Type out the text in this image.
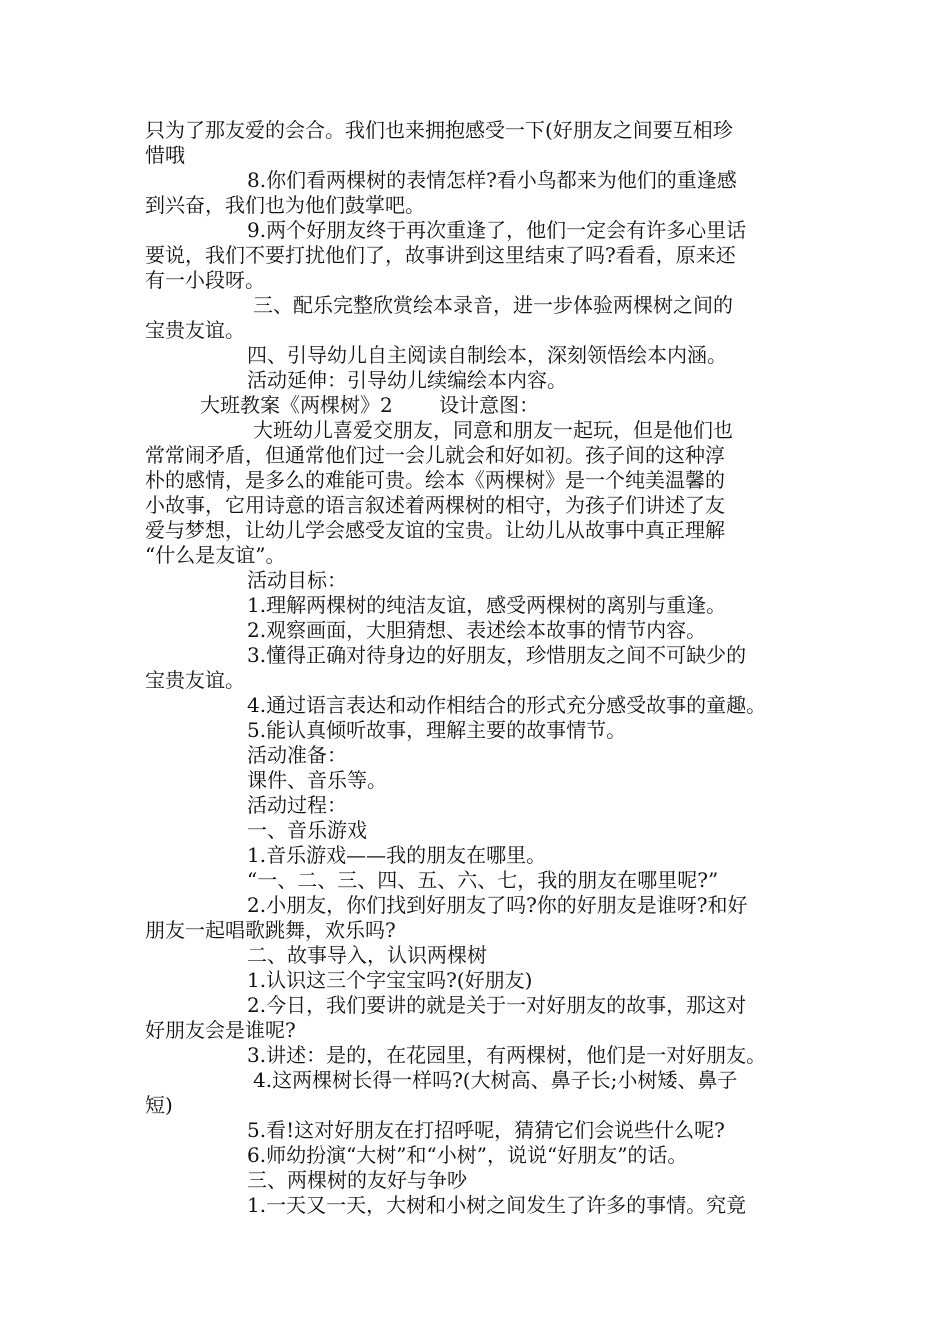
只为了那友爱的会合。我们也来拥抱感受一下(好朋友之间要互相珍
惜哦
8.你们看两棵树的表情怎样?看小鸟都来为他们的重逢感
到兴奋，我们也为他们鼓掌吧。
9.两个好朋友终于再次重逢了，他们一定会有许多心里话
要说，我们不要打扰他们了，故事讲到这里结束了吗?看看，原来还
有一小段呀。
三、配乐完整欣赏绘本录音，进一步体验两棵树之间的
宝贵友谊。
四、引导幼儿自主阅读自制绘本，深刻领悟绘本内涵。
活动延伸：引导幼儿续编绘本内容。
大班教案《两棵树》2　　 设计意图：
大班幼儿喜爱交朋友，同意和朋友一起玩，但是他们也
常常闹矛盾，但通常他们过一会儿就会和好如初。孩子间的这种淳
朴的感情，是多么的难能可贵。绘本《两棵树》是一个纯美温馨的
小故事，它用诗意的语言叙述着两棵树的相守，为孩子们讲述了友
爱与梦想，让幼儿学会感受友谊的宝贵。让幼儿从故事中真正理解
“什么是友谊”。
活动目标：
1.理解两棵树的纯洁友谊，感受两棵树的离别与重逢。
2.观察画面，大胆猜想、表述绘本故事的情节内容。
3.懂得正确对待身边的好朋友，珍惜朋友之间不可缺少的
宝贵友谊。
4.通过语言表达和动作相结合的形式充分感受故事的童趣。
5.能认真倾听故事，理解主要的故事情节。
活动准备：
课件、音乐等。
活动过程：
一、音乐游戏
1.音乐游戏——我的朋友在哪里。
“一、二、三、四、五、六、七，我的朋友在哪里呢?”
2.小朋友，你们找到好朋友了吗?你的好朋友是谁呀?和好
朋友一起唱歌跳舞，欢乐吗?
二、故事导入，认识两棵树
1.认识这三个字宝宝吗?(好朋友)
2.今日，我们要讲的就是关于一对好朋友的故事，那这对
好朋友会是谁呢?
3.讲述：是的，在花园里，有两棵树，他们是一对好朋友。
4.这两棵树长得一样吗?(大树高、鼻子长;小树矮、鼻子
短)
5.看!这对好朋友在打招呼呢，猜猜它们会说些什么呢?
6.师幼扮演“大树”和“小树”，说说“好朋友”的话。
三、两棵树的友好与争吵
1.一天又一天，大树和小树之间发生了许多的事情。究竟
